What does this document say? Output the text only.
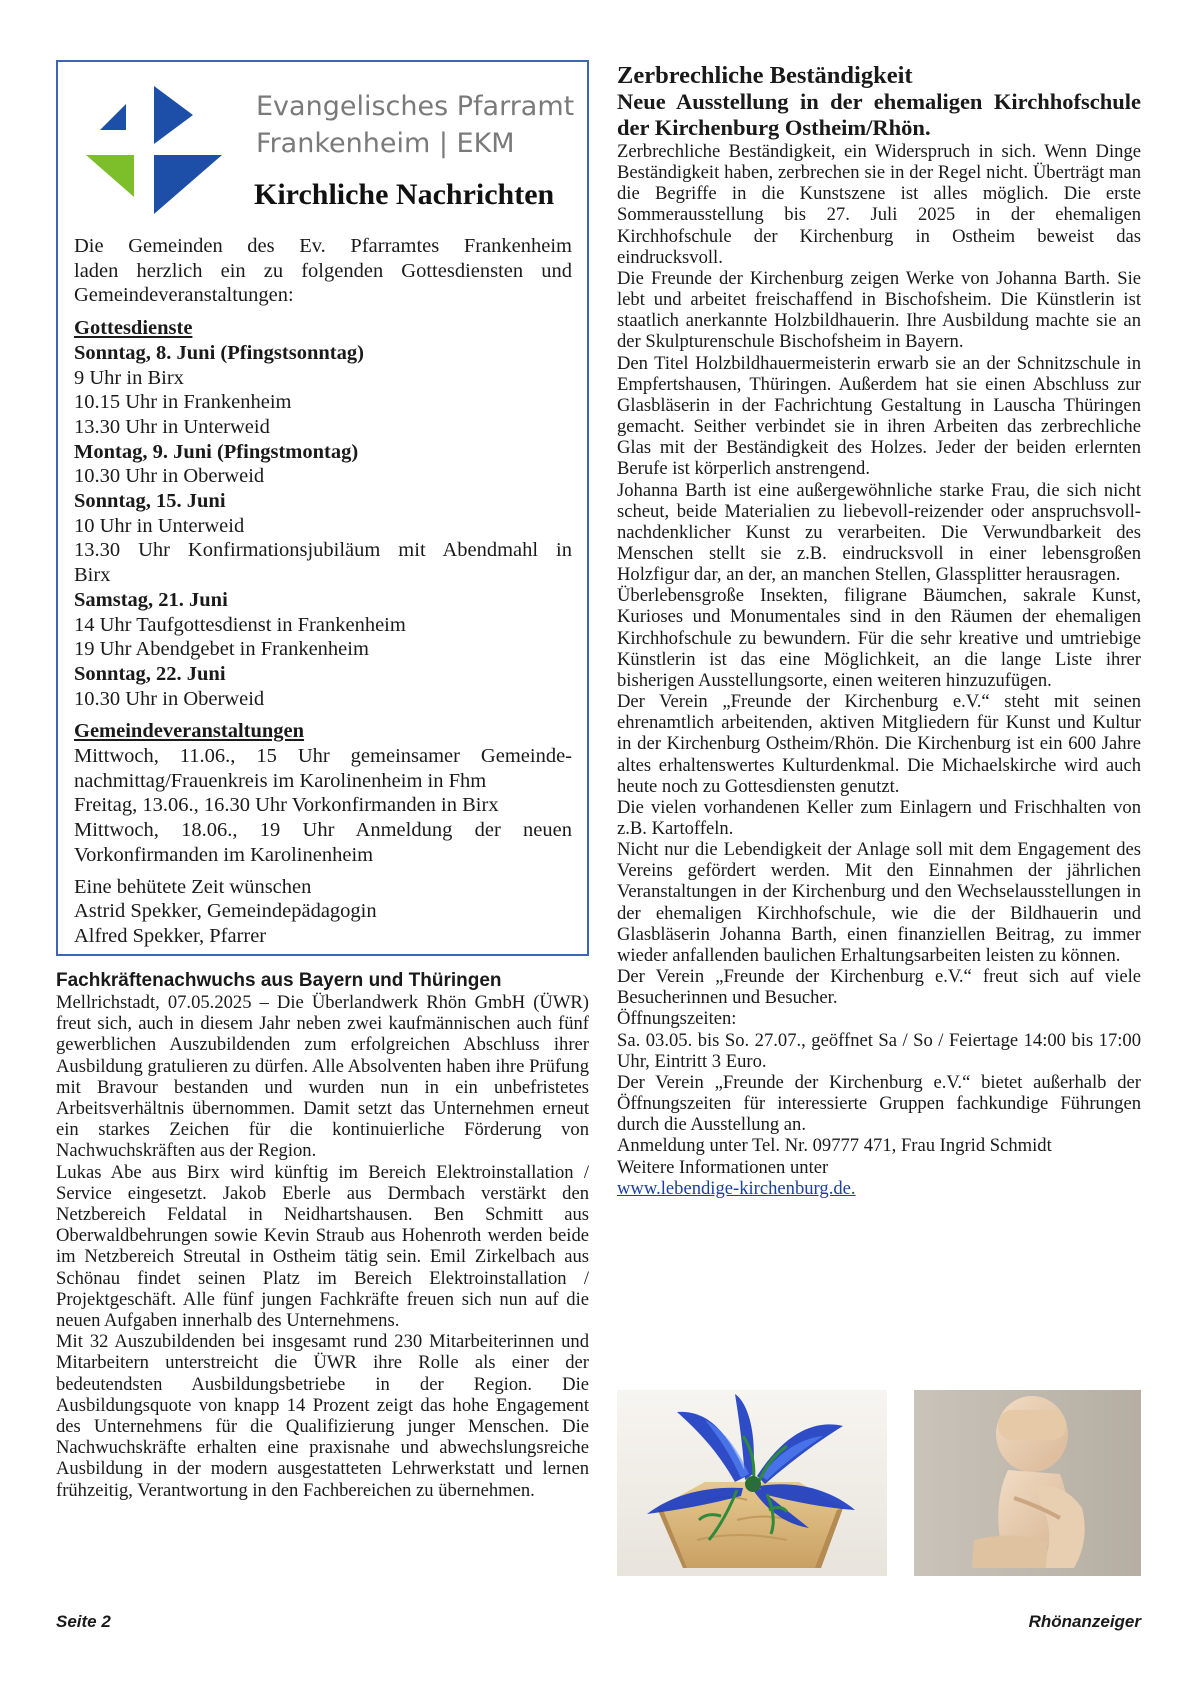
Evangelisches Pfarramt
Frankenheim | EKM
Kirchliche Nachrichten

Die Gemeinden des Ev. Pfarramtes Frankenheim

laden herzlich ein zu folgenden Gottesdiensten und

Gemeindeveranstaltungen:

Gottesdienste

Sonntag, 8. Juni (Pfingstsonntag)

9 Uhr in Birx

10.15 Uhr in Frankenheim

13.30 Uhr in Unterweid

Montag, 9. Juni (Pfingstmontag)

10.30 Uhr in Oberweid

Sonntag, 15. Juni

10 Uhr in Unterweid

13.30 Uhr Konfirmationsjubiläum mit Abendmahl in

Birx

Samstag, 21. Juni

14 Uhr Taufgottesdienst in Frankenheim

19 Uhr Abendgebet in Frankenheim

Sonntag, 22. Juni

10.30 Uhr in Oberweid

Gemeindeveranstaltungen

Mittwoch, 11.06., 15 Uhr gemeinsamer Gemeinde-

nachmittag/Frauenkreis im Karolinenheim in Fhm

Freitag, 13.06., 16.30 Uhr Vorkonfirmanden in Birx

Mittwoch, 18.06., 19 Uhr Anmeldung der neuen

Vorkonfirmanden im Karolinenheim

Eine behütete Zeit wünschen

Astrid Spekker, Gemeindepädagogin

Alfred Spekker, Pfarrer

Fachkräftenachwuchs aus Bayern und Thüringen

Mellrichstadt, 07.05.2025 – Die Überlandwerk Rhön GmbH (ÜWR) freut sich, auch in diesem Jahr neben zwei kaufmännischen auch fünf gewerblichen Auszubildenden zum erfolgreichen Abschluss ihrer Ausbildung gratulieren zu dürfen. Alle Absolventen haben ihre Prüfung mit Bravour bestanden und wurden nun in ein unbefristetes Arbeitsverhältnis übernommen. Damit setzt das Unternehmen erneut ein starkes Zeichen für die kontinuierliche Förderung von Nachwuchskräften aus der Region.

Lukas Abe aus Birx wird künftig im Bereich Elektroinstallation / Service eingesetzt. Jakob Eberle aus Dermbach verstärkt den Netzbereich Feldatal in Neidhartshausen. Ben Schmitt aus Oberwaldbehrungen sowie Kevin Straub aus Hohenroth werden beide im Netzbereich Streutal in Ostheim tätig sein. Emil Zirkelbach aus Schönau findet seinen Platz im Bereich Elektroinstallation / Projektgeschäft. Alle fünf jungen Fachkräfte freuen sich nun auf die neuen Aufgaben innerhalb des Unternehmens.

Mit 32 Auszubildenden bei insgesamt rund 230 Mitarbeiterinnen und Mitarbeitern unterstreicht die ÜWR ihre Rolle als einer der bedeutendsten Ausbildungsbetriebe in der Region. Die Ausbildungsquote von knapp 14 Prozent zeigt das hohe Engagement des Unternehmens für die Qualifizierung junger Menschen. Die Nachwuchskräfte erhalten eine praxisnahe und abwechslungsreiche Ausbildung in der modern ausgestatteten Lehrwerkstatt und lernen frühzeitig, Verantwortung in den Fachbereichen zu übernehmen.

Zerbrechliche Beständigkeit
Neue Ausstellung in der ehemaligen Kirchhofschule der Kirchenburg Ostheim/Rhön.

Zerbrechliche Beständigkeit, ein Widerspruch in sich. Wenn Dinge Beständigkeit haben, zerbrechen sie in der Regel nicht. Überträgt man die Begriffe in die Kunstszene ist alles möglich. Die erste Sommerausstellung bis 27. Juli 2025 in der ehemaligen Kirchhofschule der Kirchenburg in Ostheim beweist das eindrucksvoll.

Die Freunde der Kirchenburg zeigen Werke von Johanna Barth. Sie lebt und arbeitet freischaffend in Bischofsheim. Die Künstlerin ist staatlich anerkannte Holzbildhauerin. Ihre Ausbildung machte sie an der Skulpturenschule Bischofsheim in Bayern.

Den Titel Holzbildhauermeisterin erwarb sie an der Schnitzschule in Empfertshausen, Thüringen. Außerdem hat sie einen Abschluss zur Glasbläserin in der Fachrichtung Gestaltung in Lauscha Thüringen gemacht. Seither verbindet sie in ihren Arbeiten das zerbrechliche Glas mit der Beständigkeit des Holzes. Jeder der beiden erlernten Berufe ist körperlich anstrengend.

Johanna Barth ist eine außergewöhnliche starke Frau, die sich nicht scheut, beide Materialien zu liebevoll-reizender oder anspruchsvoll-nachdenklicher Kunst zu verarbeiten. Die Verwundbarkeit des Menschen stellt sie z.B. eindrucksvoll in einer lebensgroßen Holzfigur dar, an der, an manchen Stellen, Glassplitter herausragen.

Überlebensgroße Insekten, filigrane Bäumchen, sakrale Kunst, Kurioses und Monumentales sind in den Räumen der ehemaligen Kirchhofschule zu bewundern. Für die sehr kreative und umtriebige Künstlerin ist das eine Möglichkeit, an die lange Liste ihrer bisherigen Ausstellungsorte, einen weiteren hinzuzufügen.

Der Verein „Freunde der Kirchenburg e.V.“ steht mit seinen ehrenamtlich arbeitenden, aktiven Mitgliedern für Kunst und Kultur in der Kirchenburg Ostheim/Rhön. Die Kirchenburg ist ein 600 Jahre altes erhaltenswertes Kulturdenkmal. Die Michaelskirche wird auch heute noch zu Gottesdiensten genutzt.

Die vielen vorhandenen Keller zum Einlagern und Frischhalten von z.B. Kartoffeln.

Nicht nur die Lebendigkeit der Anlage soll mit dem Engagement des Vereins gefördert werden. Mit den Einnahmen der jährlichen Veranstaltungen in der Kirchenburg und den Wechselausstellungen in der ehemaligen Kirchhofschule, wie die der Bildhauerin und Glasbläserin Johanna Barth, einen finanziellen Beitrag, zu immer wieder anfallenden baulichen Erhaltungsarbeiten leisten zu können.

Der Verein „Freunde der Kirchenburg e.V.“ freut sich auf viele Besucherinnen und Besucher.

Öffnungszeiten:

Sa. 03.05. bis So. 27.07., geöffnet Sa / So / Feiertage 14:00 bis 17:00 Uhr, Eintritt 3 Euro.

Der Verein „Freunde der Kirchenburg e.V.“ bietet außerhalb der Öffnungszeiten für interessierte Gruppen fachkundige Führungen durch die Ausstellung an.

Anmeldung unter Tel. Nr. 09777 471, Frau Ingrid Schmidt

Weitere Informationen unter

www.lebendige-kirchenburg.de.

Seite 2	Rhönanzeiger
